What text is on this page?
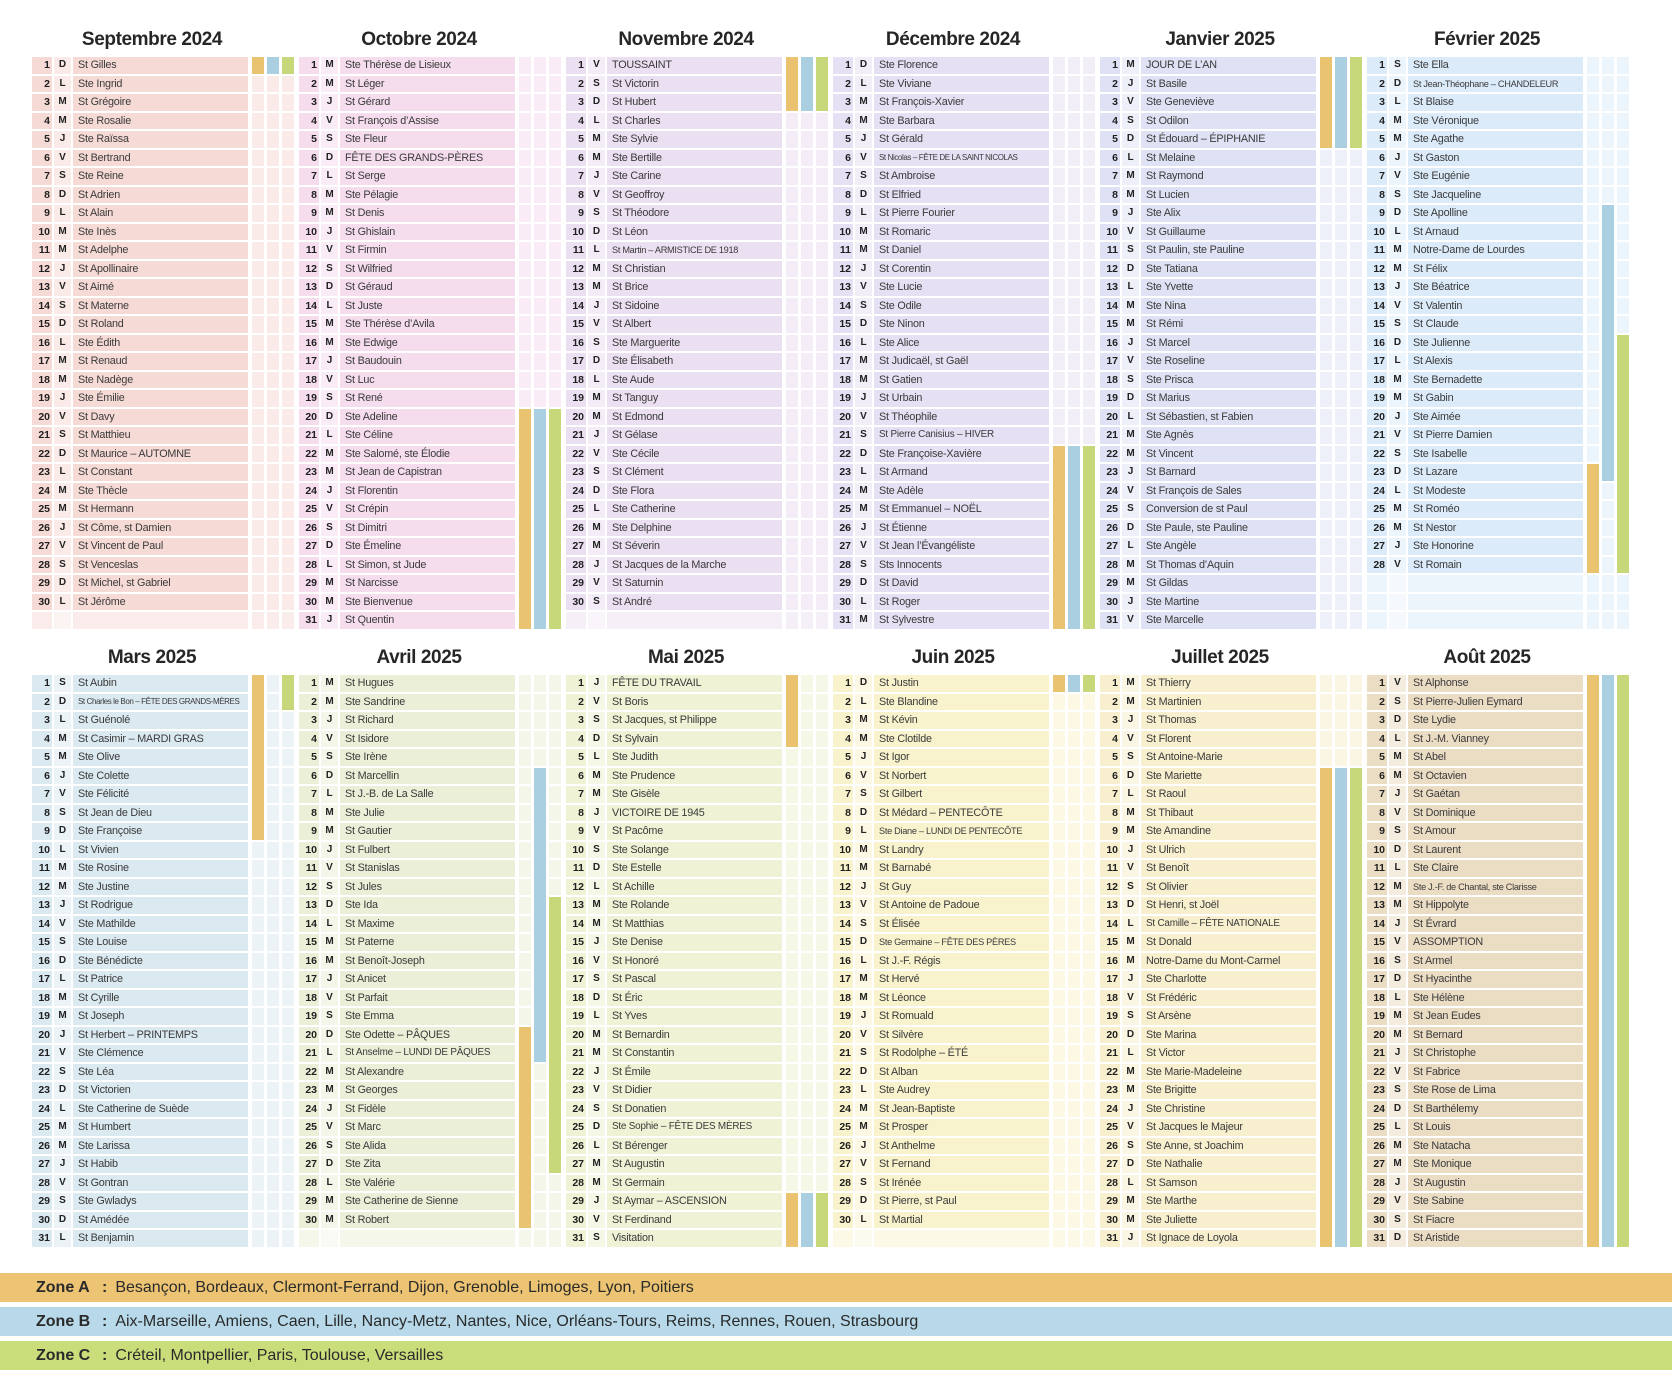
Septembre 2024
1 D	St Gilles
2 L	Ste Ingrid
3 M	St Grégoire
4 M	Ste Rosalie
5 J	Ste Raïssa
6 V	St Bertrand
7 S	Ste Reine
8 D	St Adrien
9 L	St Alain
10 M	Ste Inès
11 M	St Adelphe
12 J	St Apollinaire
13 V	St Aimé
14 S	St Materne
15 D	St Roland
16 L	Ste Édith
17 M	St Renaud
18 M	Ste Nadège
19 J	Ste Émilie
20 V	St Davy
21 S	St Matthieu
22 D	St Maurice – AUTOMNE
23 L	St Constant
24 M	Ste Thècle
25 M	St Hermann
26 J	St Côme, st Damien
27 V	St Vincent de Paul
28 S	St Venceslas
29 D	St Michel, st Gabriel
30 L	St Jérôme
Octobre 2024
1 M	Ste Thérèse de Lisieux
2 M	St Léger
3 J	St Gérard
4 V	St François d’Assise
5 S	Ste Fleur
6 D	FÊTE DES GRANDS-PÈRES
7 L	St Serge
8 M	Ste Pélagie
9 M	St Denis
10 J	St Ghislain
11 V	St Firmin
12 S	St Wilfried
13 D	St Géraud
14 L	St Juste
15 M	Ste Thérèse d’Avila
16 M	Ste Edwige
17 J	St Baudouin
18 V	St Luc
19 S	St René
20 D	Ste Adeline
21 L	Ste Céline
22 M	Ste Salomé, ste Élodie
23 M	St Jean de Capistran
24 J	St Florentin
25 V	St Crépin
26 S	St Dimitri
27 D	Ste Émeline
28 L	St Simon, st Jude
29 M	St Narcisse
30 M	Ste Bienvenue
31 J	St Quentin
Novembre 2024
1 V	TOUSSAINT
2 S	St Victorin
3 D	St Hubert
4 L	St Charles
5 M	Ste Sylvie
6 M	Ste Bertille
7 J	Ste Carine
8 V	St Geoffroy
9 S	St Théodore
10 D	St Léon
11 L	St Martin – ARMISTICE DE 1918
12 M	St Christian
13 M	St Brice
14 J	St Sidoine
15 V	St Albert
16 S	Ste Marguerite
17 D	Ste Élisabeth
18 L	Ste Aude
19 M	St Tanguy
20 M	St Edmond
21 J	St Gélase
22 V	Ste Cécile
23 S	St Clément
24 D	Ste Flora
25 L	Ste Catherine
26 M	Ste Delphine
27 M	St Séverin
28 J	St Jacques de la Marche
29 V	St Saturnin
30 S	St André
Décembre 2024
1 D	Ste Florence
2 L	Ste Viviane
3 M	St François-Xavier
4 M	Ste Barbara
5 J	St Gérald
6 V	St Nicolas – FÊTE DE LA SAINT NICOLAS
7 S	St Ambroise
8 D	St Elfried
9 L	St Pierre Fourier
10 M	St Romaric
11 M	St Daniel
12 J	St Corentin
13 V	Ste Lucie
14 S	Ste Odile
15 D	Ste Ninon
16 L	Ste Alice
17 M	St Judicaël, st Gaël
18 M	St Gatien
19 J	St Urbain
20 V	St Théophile
21 S	St Pierre Canisius – HIVER
22 D	Ste Françoise-Xavière
23 L	St Armand
24 M	Ste Adèle
25 M	St Emmanuel – NOËL
26 J	St Étienne
27 V	St Jean l’Évangéliste
28 S	Sts Innocents
29 D	St David
30 L	St Roger
31 M	St Sylvestre
Janvier 2025
1 M	JOUR DE L’AN
2 J	St Basile
3 V	Ste Geneviève
4 S	St Odilon
5 D	St Édouard – ÉPIPHANIE
6 L	St Melaine
7 M	St Raymond
8 M	St Lucien
9 J	Ste Alix
10 V	St Guillaume
11 S	St Paulin, ste Pauline
12 D	Ste Tatiana
13 L	Ste Yvette
14 M	Ste Nina
15 M	St Rémi
16 J	St Marcel
17 V	Ste Roseline
18 S	Ste Prisca
19 D	St Marius
20 L	St Sébastien, st Fabien
21 M	Ste Agnès
22 M	St Vincent
23 J	St Barnard
24 V	St François de Sales
25 S	Conversion de st Paul
26 D	Ste Paule, ste Pauline
27 L	Ste Angèle
28 M	St Thomas d’Aquin
29 M	St Gildas
30 J	Ste Martine
31 V	Ste Marcelle
Février 2025
1 S	Ste Ella
2 D	St Jean-Théophane – CHANDELEUR
3 L	St Blaise
4 M	Ste Véronique
5 M	Ste Agathe
6 J	St Gaston
7 V	Ste Eugénie
8 S	Ste Jacqueline
9 D	Ste Apolline
10 L	St Arnaud
11 M	Notre-Dame de Lourdes
12 M	St Félix
13 J	Ste Béatrice
14 V	St Valentin
15 S	St Claude
16 D	Ste Julienne
17 L	St Alexis
18 M	Ste Bernadette
19 M	St Gabin
20 J	Ste Aimée
21 V	St Pierre Damien
22 S	Ste Isabelle
23 D	St Lazare
24 L	St Modeste
25 M	St Roméo
26 M	St Nestor
27 J	Ste Honorine
28 V	St Romain
Mars 2025
1 S	St Aubin
2 D	St Charles le Bon – FÊTE DES GRANDS-MÈRES
3 L	St Guénolé
4 M	St Casimir – MARDI GRAS
5 M	Ste Olive
6 J	Ste Colette
7 V	Ste Félicité
8 S	St Jean de Dieu
9 D	Ste Françoise
10 L	St Vivien
11 M	Ste Rosine
12 M	Ste Justine
13 J	St Rodrigue
14 V	Ste Mathilde
15 S	Ste Louise
16 D	Ste Bénédicte
17 L	St Patrice
18 M	St Cyrille
19 M	St Joseph
20 J	St Herbert – PRINTEMPS
21 V	Ste Clémence
22 S	Ste Léa
23 D	St Victorien
24 L	Ste Catherine de Suède
25 M	St Humbert
26 M	Ste Larissa
27 J	St Habib
28 V	St Gontran
29 S	Ste Gwladys
30 D	St Amédée
31 L	St Benjamin
Avril 2025
1 M	St Hugues
2 M	Ste Sandrine
3 J	St Richard
4 V	St Isidore
5 S	Ste Irène
6 D	St Marcellin
7 L	St J.-B. de La Salle
8 M	Ste Julie
9 M	St Gautier
10 J	St Fulbert
11 V	St Stanislas
12 S	St Jules
13 D	Ste Ida
14 L	St Maxime
15 M	St Paterne
16 M	St Benoît-Joseph
17 J	St Anicet
18 V	St Parfait
19 S	Ste Emma
20 D	Ste Odette – PÂQUES
21 L	St Anselme – LUNDI DE PÂQUES
22 M	St Alexandre
23 M	St Georges
24 J	St Fidèle
25 V	St Marc
26 S	Ste Alida
27 D	Ste Zita
28 L	Ste Valérie
29 M	Ste Catherine de Sienne
30 M	St Robert
Mai 2025
1 J	FÊTE DU TRAVAIL
2 V	St Boris
3 S	St Jacques, st Philippe
4 D	St Sylvain
5 L	Ste Judith
6 M	Ste Prudence
7 M	Ste Gisèle
8 J	VICTOIRE DE 1945
9 V	St Pacôme
10 S	Ste Solange
11 D	Ste Estelle
12 L	St Achille
13 M	Ste Rolande
14 M	St Matthias
15 J	Ste Denise
16 V	St Honoré
17 S	St Pascal
18 D	St Éric
19 L	St Yves
20 M	St Bernardin
21 M	St Constantin
22 J	St Émile
23 V	St Didier
24 S	St Donatien
25 D	Ste Sophie – FÊTE DES MÈRES
26 L	St Bérenger
27 M	St Augustin
28 M	St Germain
29 J	St Aymar – ASCENSION
30 V	St Ferdinand
31 S	Visitation
Juin 2025
1 D	St Justin
2 L	Ste Blandine
3 M	St Kévin
4 M	Ste Clotilde
5 J	St Igor
6 V	St Norbert
7 S	St Gilbert
8 D	St Médard – PENTECÔTE
9 L	Ste Diane – LUNDI DE PENTECÔTE
10 M	St Landry
11 M	St Barnabé
12 J	St Guy
13 V	St Antoine de Padoue
14 S	St Élisée
15 D	Ste Germaine – FÊTE DES PÈRES
16 L	St J.-F. Régis
17 M	St Hervé
18 M	St Léonce
19 J	St Romuald
20 V	St Silvère
21 S	St Rodolphe – ÉTÉ
22 D	St Alban
23 L	Ste Audrey
24 M	St Jean-Baptiste
25 M	St Prosper
26 J	St Anthelme
27 V	St Fernand
28 S	St Irénée
29 D	St Pierre, st Paul
30 L	St Martial
Juillet 2025
1 M	St Thierry
2 M	St Martinien
3 J	St Thomas
4 V	St Florent
5 S	St Antoine-Marie
6 D	Ste Mariette
7 L	St Raoul
8 M	St Thibaut
9 M	Ste Amandine
10 J	St Ulrich
11 V	St Benoît
12 S	St Olivier
13 D	St Henri, st Joël
14 L	St Camille – FÊTE NATIONALE
15 M	St Donald
16 M	Notre-Dame du Mont-Carmel
17 J	Ste Charlotte
18 V	St Frédéric
19 S	St Arsène
20 D	Ste Marina
21 L	St Victor
22 M	Ste Marie-Madeleine
23 M	Ste Brigitte
24 J	Ste Christine
25 V	St Jacques le Majeur
26 S	Ste Anne, st Joachim
27 D	Ste Nathalie
28 L	St Samson
29 M	Ste Marthe
30 M	Ste Juliette
31 J	St Ignace de Loyola
Août 2025
1 V	St Alphonse
2 S	St Pierre-Julien Eymard
3 D	Ste Lydie
4 L	St J.-M. Vianney
5 M	St Abel
6 M	St Octavien
7 J	St Gaétan
8 V	St Dominique
9 S	St Amour
10 D	St Laurent
11 L	Ste Claire
12 M	Ste J.-F. de Chantal, ste Clarisse
13 M	St Hippolyte
14 J	St Évrard
15 V	ASSOMPTION
16 S	St Armel
17 D	St Hyacinthe
18 L	Ste Hélène
19 M	St Jean Eudes
20 M	St Bernard
21 J	St Christophe
22 V	St Fabrice
23 S	Ste Rose de Lima
24 D	St Barthélemy
25 L	St Louis
26 M	Ste Natacha
27 M	Ste Monique
28 J	St Augustin
29 V	Ste Sabine
30 S	St Fiacre
31 D	St Aristide
Zone A : Besançon, Bordeaux, Clermont-Ferrand, Dijon, Grenoble, Limoges, Lyon, Poitiers
Zone B : Aix-Marseille, Amiens, Caen, Lille, Nancy-Metz, Nantes, Nice, Orléans-Tours, Reims, Rennes, Rouen, Strasbourg
Zone C : Créteil, Montpellier, Paris, Toulouse, Versailles
